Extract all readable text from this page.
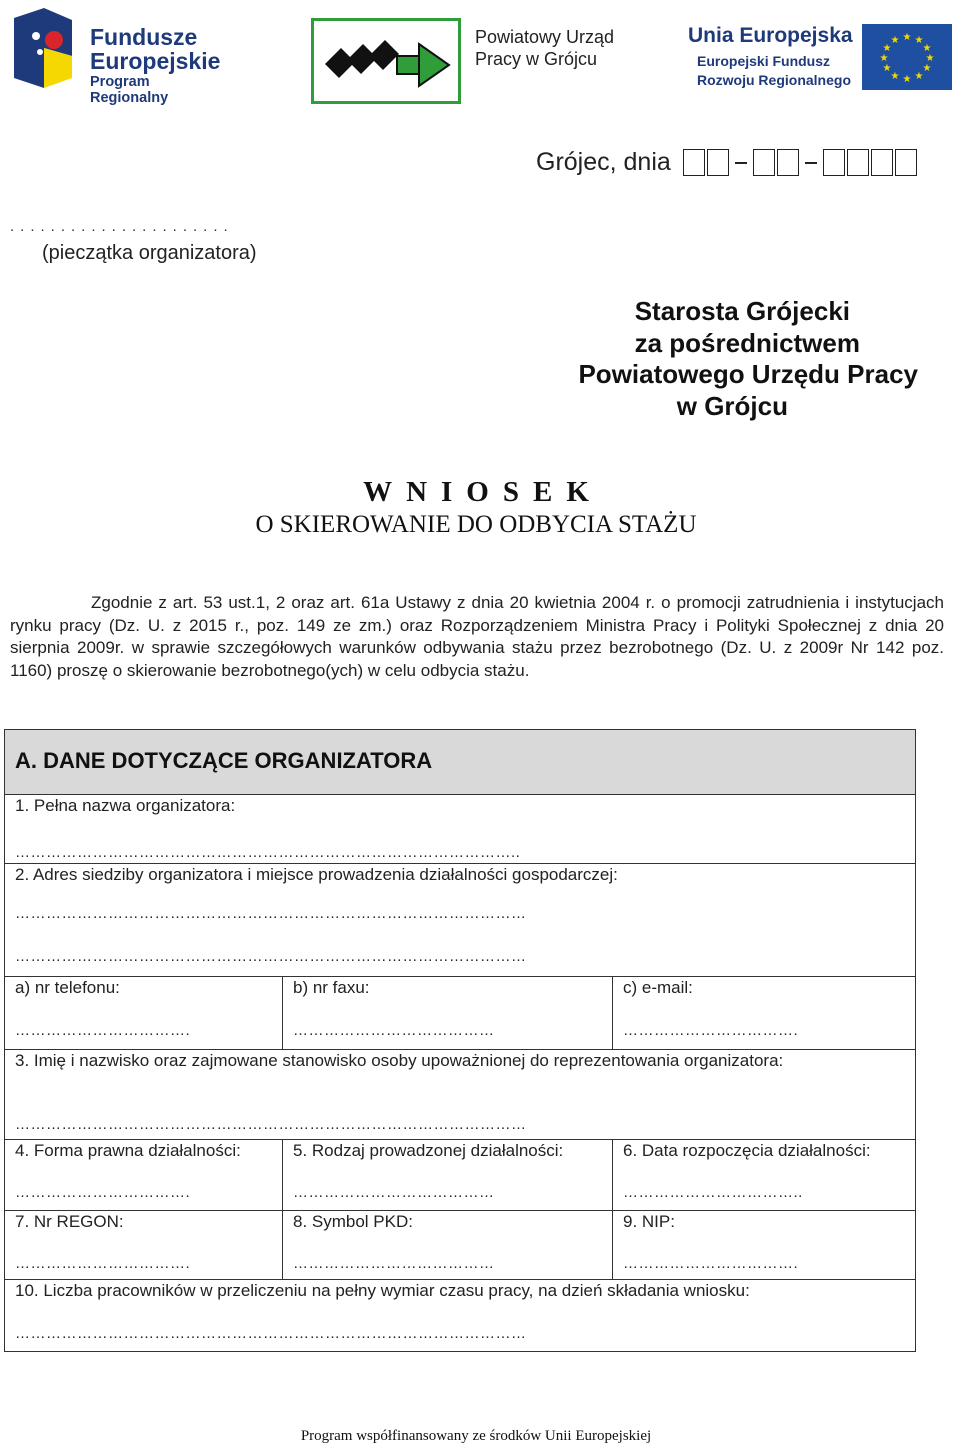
Fundusze
Europejskie
Program Regionalny
Powiatowy Urząd
Pracy w Grójcu
Unia Europejska
Europejski Fundusz
Rozwoju Regionalnego
★ ★
★
★
★
★
★
★
★
★
★
★
Grójec, dnia
......................
(pieczątka organizatora)
Starosta Grójecki
za pośrednictwem
Powiatowego Urzędu Pracy
w Grójcu
WNIOSEK
O SKIEROWANIE DO ODBYCIA STAŻU
Zgodnie z art. 53 ust.1, 2 oraz art. 61a Ustawy z dnia 20 kwietnia 2004 r. o promocji zatrudnienia i instytucjach rynku pracy (Dz. U. z 2015 r., poz. 149 ze zm.) oraz Rozporządzeniem Ministra Pracy i Polityki Społecznej z dnia 20 sierpnia 2009r. w sprawie szczegółowych warunków odbywania stażu przez bezrobotnego (Dz. U. z 2009r Nr 142 poz. 1160) proszę o skierowanie bezrobotnego(ych) w celu odbycia stażu.
A. DANE DOTYCZĄCE ORGANIZATORA
1. Pełna nazwa organizatora:
……………………………………………………………………………………..
2. Adres siedziby organizatora i miejsce prowadzenia działalności gospodarczej:
………………………………………………………………………………………
………………………………………………………………………………………
a) nr telefonu:
…………………………….
b) nr faxu:
…………………………………
c) e-mail:
…………………………….
3. Imię i nazwisko oraz zajmowane stanowisko osoby upoważnionej do reprezentowania organizatora:
………………………………………………………………………………………
4. Forma prawna działalności:
…………………………….
5. Rodzaj prowadzonej działalności:
…………………………………
6. Data rozpoczęcia działalności:
……………………………..
7. Nr REGON:
…………………………….
8. Symbol PKD:
…………………………………
9. NIP:
…………………………….
10. Liczba pracowników w przeliczeniu na pełny wymiar czasu pracy, na dzień składania wniosku:
………………………………………………………………………………………
Program współfinansowany ze środków Unii Europejskiej
